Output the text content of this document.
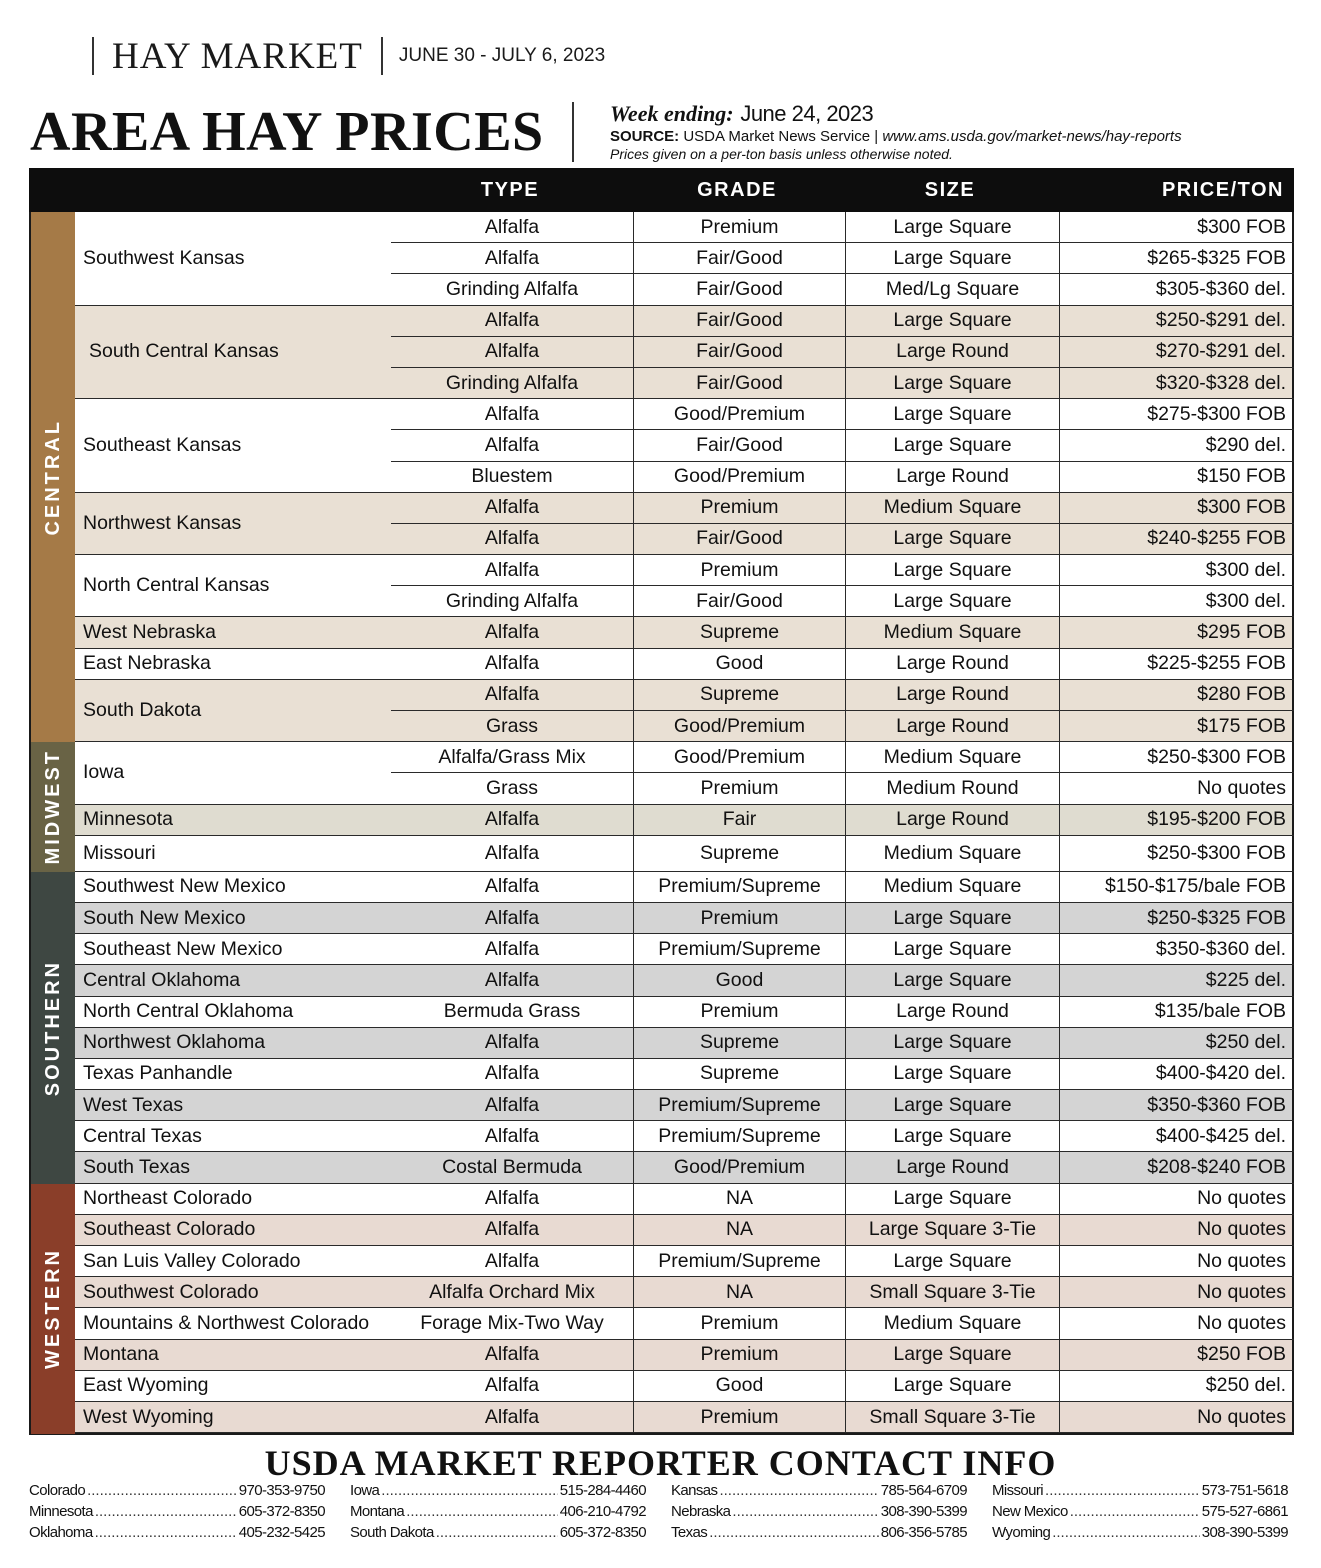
HAY MARKET	JUNE 30 - JULY 6, 2023
AREA HAY PRICES	Week ending: June 24, 2023
SOURCE: USDA Market News Service | www.ams.usda.gov/market-news/hay-reports
Prices given on a per-ton basis unless otherwise noted.
TYPE	GRADE	SIZE	PRICE/TON
CENTRAL
MIDWEST
SOUTHERN
WESTERN
Southwest Kansas
Alfalfa	Premium	Large Square	$300 FOB
Alfalfa	Fair/Good	Large Square	$265-$325 FOB
Grinding Alfalfa	Fair/Good	Med/Lg Square	$305-$360 del.
South Central Kansas
Alfalfa	Fair/Good	Large Square	$250-$291 del.
Alfalfa	Fair/Good	Large Round	$270-$291 del.
Grinding Alfalfa	Fair/Good	Large Square	$320-$328 del.
Southeast Kansas
Alfalfa	Good/Premium	Large Square	$275-$300 FOB
Alfalfa	Fair/Good	Large Square	$290 del.
Bluestem	Good/Premium	Large Round	$150 FOB
Northwest Kansas
Alfalfa	Premium	Medium Square	$300 FOB
Alfalfa	Fair/Good	Large Square	$240-$255 FOB
North Central Kansas
Alfalfa	Premium	Large Square	$300 del.
Grinding Alfalfa	Fair/Good	Large Square	$300 del.
West Nebraska	Alfalfa	Supreme	Medium Square	$295 FOB
East Nebraska	Alfalfa	Good	Large Round	$225-$255 FOB
South Dakota
Alfalfa	Supreme	Large Round	$280 FOB
Grass	Good/Premium	Large Round	$175 FOB
Iowa
Alfalfa/Grass Mix	Good/Premium	Medium Square	$250-$300 FOB
Grass	Premium	Medium Round	No quotes
Minnesota	Alfalfa	Fair	Large Round	$195-$200 FOB
Missouri	Alfalfa	Supreme	Medium Square	$250-$300 FOB
Southwest New Mexico	Alfalfa	Premium/Supreme	Medium Square	$150-$175/bale FOB
South New Mexico	Alfalfa	Premium	Large Square	$250-$325 FOB
Southeast New Mexico	Alfalfa	Premium/Supreme	Large Square	$350-$360 del.
Central Oklahoma	Alfalfa	Good	Large Square	$225 del.
North Central Oklahoma	Bermuda Grass	Premium	Large Round	$135/bale FOB
Northwest Oklahoma	Alfalfa	Supreme	Large Square	$250 del.
Texas Panhandle	Alfalfa	Supreme	Large Square	$400-$420 del.
West Texas	Alfalfa	Premium/Supreme	Large Square	$350-$360 FOB
Central Texas	Alfalfa	Premium/Supreme	Large Square	$400-$425 del.
South Texas	Costal Bermuda	Good/Premium	Large Round	$208-$240 FOB
Northeast Colorado	Alfalfa	NA	Large Square	No quotes
Southeast Colorado	Alfalfa	NA	Large Square 3-Tie	No quotes
San Luis Valley Colorado	Alfalfa	Premium/Supreme	Large Square	No quotes
Southwest Colorado	Alfalfa Orchard Mix	NA	Small Square 3-Tie	No quotes
Mountains & Northwest Colorado	Forage Mix-Two Way	Premium	Medium Square	No quotes
Montana	Alfalfa	Premium	Large Square	$250 FOB
East Wyoming	Alfalfa	Good	Large Square	$250 del.
West Wyoming	Alfalfa	Premium	Small Square 3-Tie	No quotes
USDA MARKET REPORTER CONTACT INFO
Colorado .....	970-353-9750 Iowa .....	515-284-4460 Kansas .....	785-564-6709 Missouri .....	573-751-5618
Minnesota .....	605-372-8350 Montana .....	406-210-4792 Nebraska .....	308-390-5399 New Mexico .....	575-527-6861
Oklahoma .....	405-232-5425 South Dakota .....	605-372-8350 Texas .....	806-356-5785 Wyoming .....	308-390-5399
